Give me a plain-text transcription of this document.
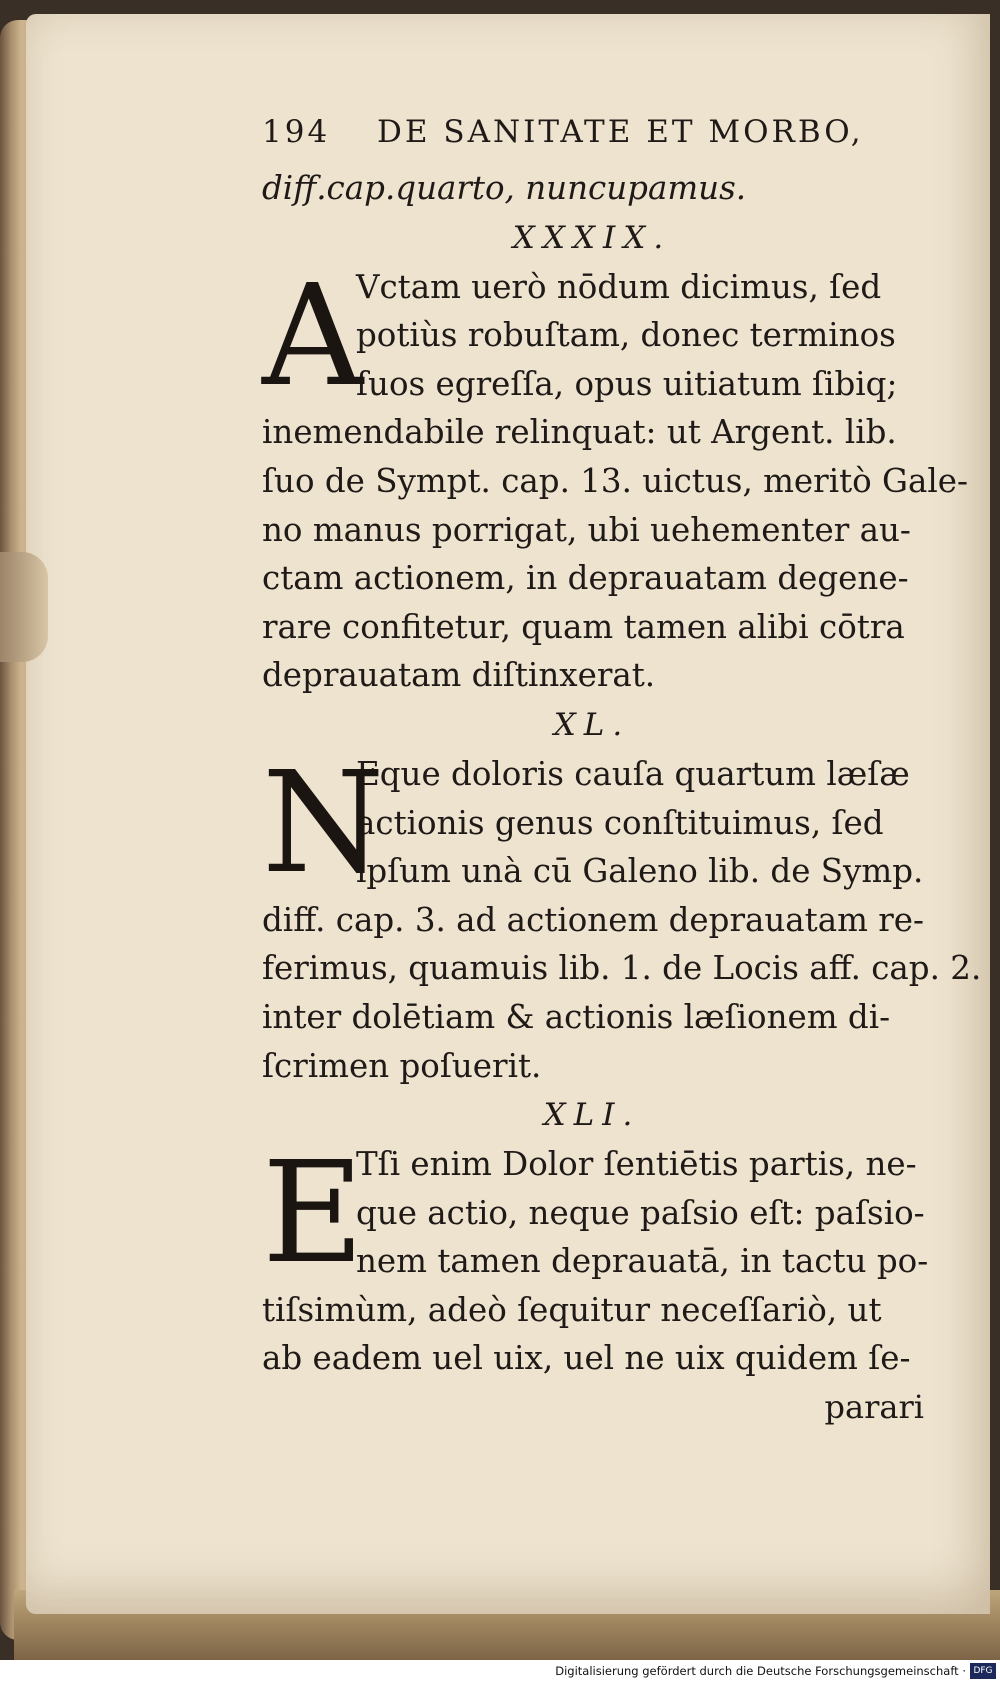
194 DE SANITATE ET MORBO,
diff.cap.quarto, nuncupamus.
XXXIX.
A
Vctam uerò nōdum dicimus, ſed
potiùs robuſtam, donec terminos
ſuos egreſſa, opus uitiatum ſibiq;
inemendabile relinquat: ut Argent. lib.
ſuo de Sympt. cap. 13. uictus, meritò Gale-
no manus porrigat, ubi uehementer au-
ctam actionem, in deprauatam degene-
rare confitetur, quam tamen alibi cōtra
deprauatam diſtinxerat.
XL.
N
Eque doloris cauſa quartum læſæ
actionis genus conſtituimus, ſed
ipſum unà cū Galeno lib. de Symp.
diff. cap. 3. ad actionem deprauatam re-
ferimus, quamuis lib. 1. de Locis aff. cap. 2.
inter dolētiam & actionis læſionem di-
ſcrimen poſuerit.
XLI.
E
Tſi enim Dolor ſentiētis partis, ne-
que actio, neque paſsio eſt: paſsio-
nem tamen deprauatā, in tactu po-
tiſsimùm, adeò ſequitur neceſſariò, ut
ab eadem uel uix, uel ne uix quidem ſe-
parari
Digitalisierung gefördert durch die Deutsche Forschungsgemeinschaft · DFG
